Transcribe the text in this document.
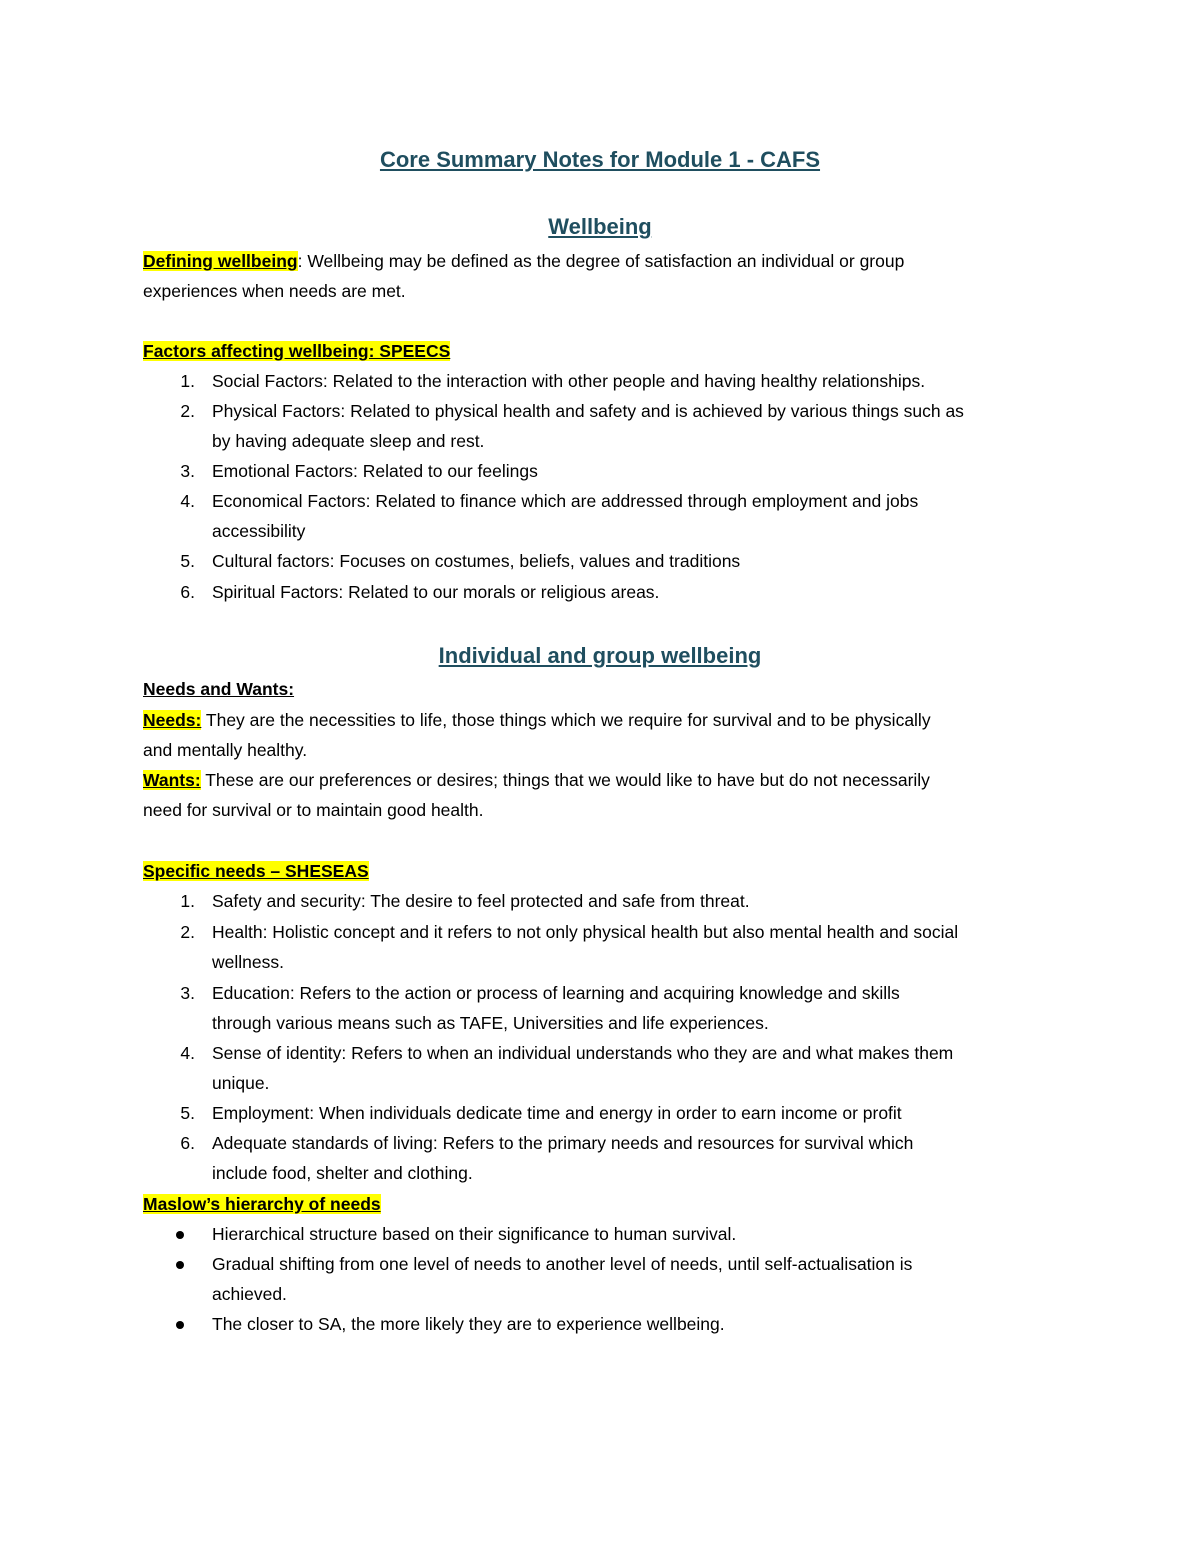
Core Summary Notes for Module 1 - CAFS
Wellbeing

Defining wellbeing: Wellbeing may be defined as the degree of satisfaction an individual or group

experiences when needs are met.

Factors affecting wellbeing: SPEECS

1. Social Factors: Related to the interaction with other people and having healthy relationships.

2. Physical Factors: Related to physical health and safety and is achieved by various things such as

by having adequate sleep and rest.

3. Emotional Factors: Related to our feelings

4. Economical Factors: Related to finance which are addressed through employment and jobs

accessibility

5. Cultural factors: Focuses on costumes, beliefs, values and traditions

6. Spiritual Factors: Related to our morals or religious areas.

Individual and group wellbeing

Needs and Wants:

Needs: They are the necessities to life, those things which we require for survival and to be physically

and mentally healthy.

Wants: These are our preferences or desires; things that we would like to have but do not necessarily

need for survival or to maintain good health.

Specific needs – SHESEAS

1. Safety and security: The desire to feel protected and safe from threat.

2. Health: Holistic concept and it refers to not only physical health but also mental health and social

wellness.

3. Education: Refers to the action or process of learning and acquiring knowledge and skills

through various means such as TAFE, Universities and life experiences.

4. Sense of identity: Refers to when an individual understands who they are and what makes them

unique.

5. Employment: When individuals dedicate time and energy in order to earn income or profit

6. Adequate standards of living: Refers to the primary needs and resources for survival which

include food, shelter and clothing.

Maslow’s hierarchy of needs

Hierarchical structure based on their significance to human survival.

Gradual shifting from one level of needs to another level of needs, until self-actualisation is

achieved.

The closer to SA, the more likely they are to experience wellbeing.
